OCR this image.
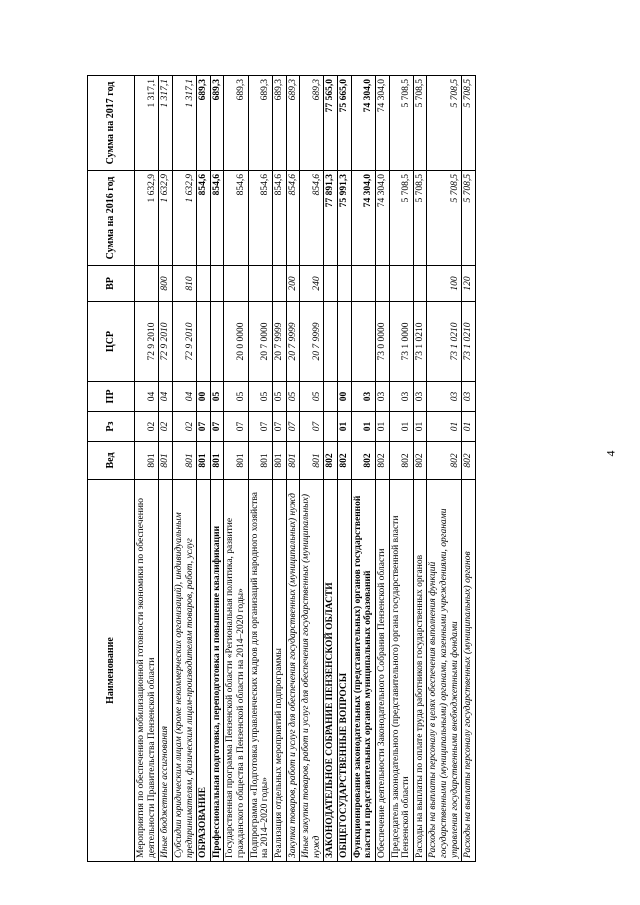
4
Наименование	Вед	Рз	ПР	ЦСР	ВР	Сумма на 2016 год	Сумма на 2017 год
Мероприятия по обеспечению мобилизационной готовности экономики по обеспечению деятельности Правительства Пензенской области	801	02	04	72 9 2010		1 632,9	1 317,1
Иные бюджетные ассигнования	801	02	04	72 9 2010	800	1 632,9	1 317,1
Субсидии юридическим лицам (кроме некоммерческих организаций), индивидуальным предпринимателям, физическим лицам-производителям товаров, работ, услуг	801	02	04	72 9 2010	810	1 632,9	1 317,1
ОБРАЗОВАНИЕ	801	07	00			854,6	689,3
Профессиональная подготовка, переподготовка и повышение квалификации	801	07	05			854,6	689,3
Государственная программа Пензенской области «Региональная политика, развитие гражданского общества в Пензенской области на 2014–2020 годы»	801	07	05	20 0 0000		854,6	689,3
Подпрограмма «Подготовка управленческих кадров для организаций народного хозяйства на 2014–2020 годы»	801	07	05	20 7 0000		854,6	689,3
Реализация отдельных мероприятий подпрограммы	801	07	05	20 7 9999		854,6	689,3
Закупка товаров, работ и услуг для обеспечения государственных (муниципальных) нужд	801	07	05	20 7 9999	200	854,6	689,3
Иные закупки товаров, работ и услуг для обеспечения государственных (муниципальных) нужд	801	07	05	20 7 9999	240	854,6	689,3
ЗАКОНОДАТЕЛЬНОЕ СОБРАНИЕ ПЕНЗЕНСКОЙ ОБЛАСТИ	802					77 891,3	77 565,0
ОБЩЕГОСУДАРСТВЕННЫЕ ВОПРОСЫ	802	01	00			75 991,3	75 665,0
Функционирование законодательных (представительных) органов государственной власти и представительных органов муниципальных образований	802	01	03			74 304,0	74 304,0
Обеспечение деятельности Законодательного Собрания Пензенской области	802	01	03	73 0 0000		74 304,0	74 304,0
Председатель законодательного (представительного) органа государственной власти Пензенской области	802	01	03	73 1 0000		5 708,5	5 708,5
Расходы на выплаты по оплате труда работников государственных органов	802	01	03	73 1 0210		5 708,5	5 708,5
Расходы на выплаты персоналу в целях обеспечения выполнения функций государственными (муниципальными) органами, казенными учреждениями, органами управления государственными внебюджетными фондами	802	01	03	73 1 0210	100	5 708,5	5 708,5
Расходы на выплаты персоналу государственных (муниципальных) органов	802	01	03	73 1 0210	120	5 708,5	5 708,5
